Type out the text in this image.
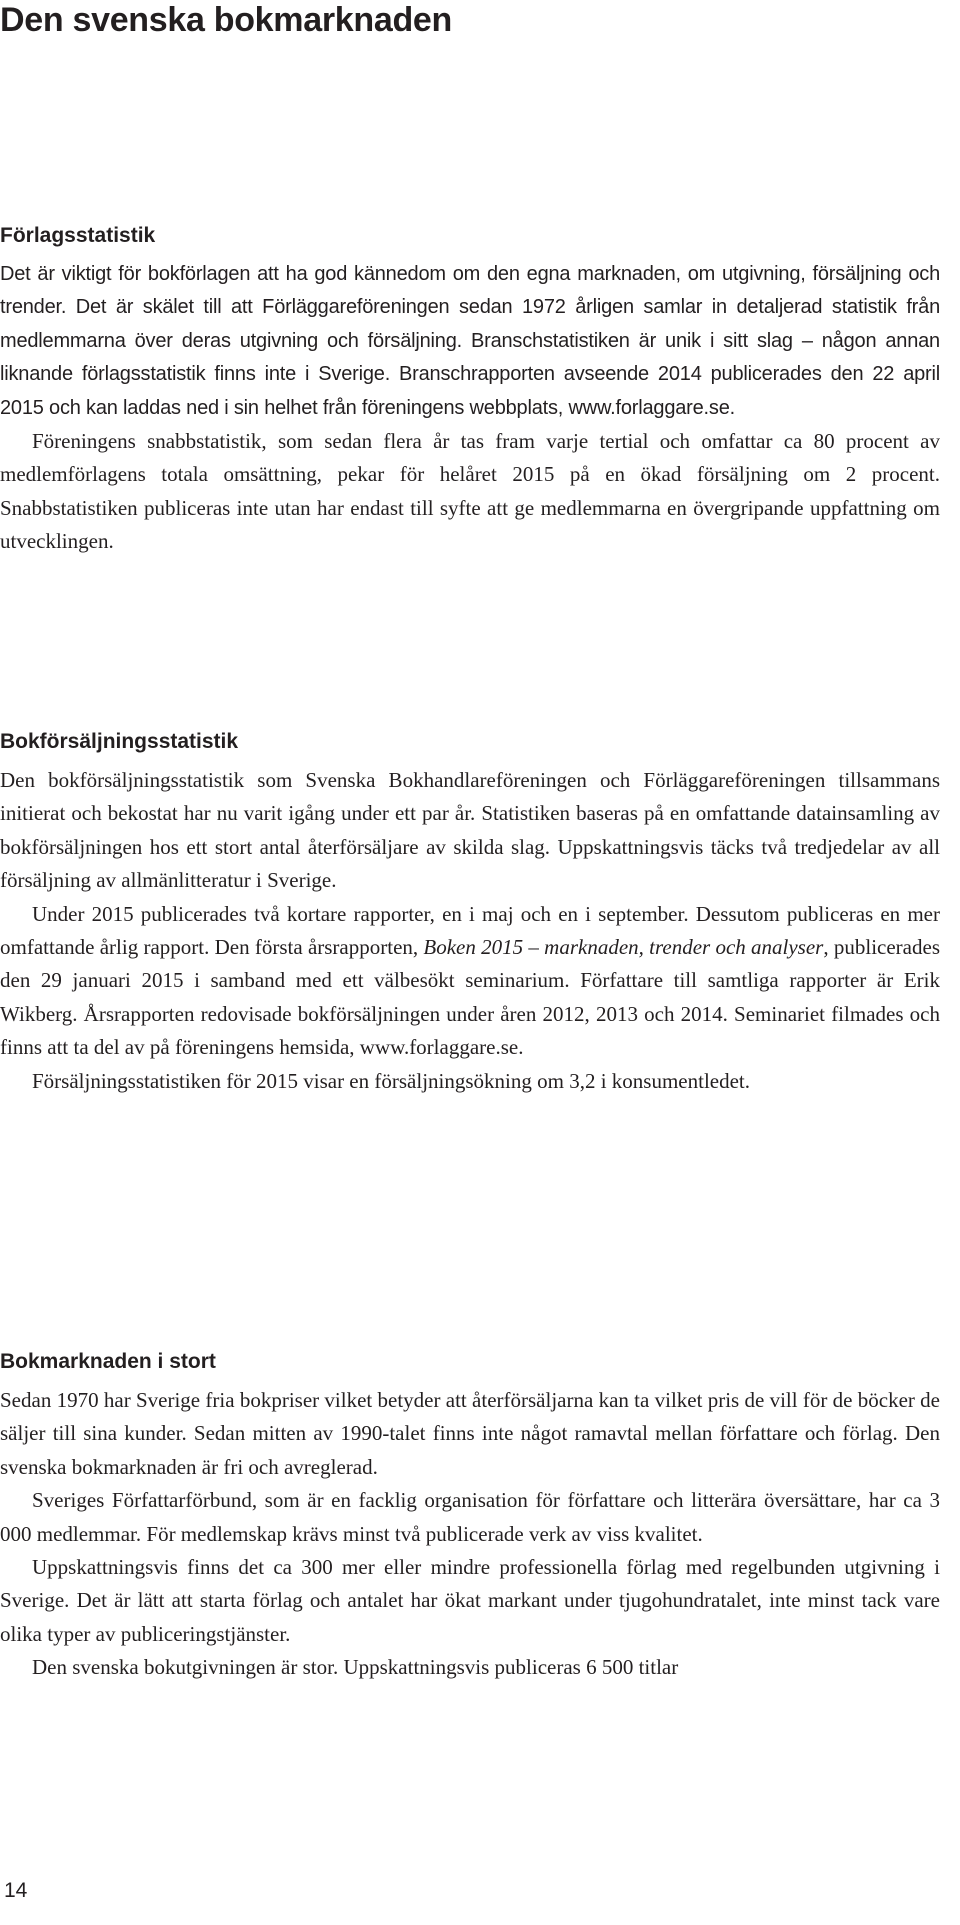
Den svenska bokmarknaden
Förlagsstatistik

Det är viktigt för bokförlagen att ha god kännedom om den egna marknaden, om utgivning, försäljning och trender. Det är skälet till att Förläggareföreningen sedan 1972 årligen samlar in detaljerad statistik från medlemmarna över deras utgivning och försäljning. Branschstatistiken är unik i sitt slag – någon annan liknande förlagsstatistik finns inte i Sverige. Branschrapporten avseende 2014 publicerades den 22 april 2015 och kan laddas ned i sin helhet från föreningens webbplats, www.forlaggare.se.

Föreningens snabbstatistik, som sedan flera år tas fram varje tertial och omfattar ca 80 procent av medlemförlagens totala omsättning, pekar för helåret 2015 på en ökad försäljning om 2 procent. Snabbstatistiken publiceras inte utan har endast till syfte att ge medlemmarna en övergripande uppfattning om utvecklingen.

Bokförsäljningsstatistik

Den bokförsäljningsstatistik som Svenska Bokhandlareföreningen och Förläggareföreningen tillsammans initierat och bekostat har nu varit igång under ett par år. Statistiken baseras på en omfattande datainsamling av bokförsäljningen hos ett stort antal återförsäljare av skilda slag. Uppskattningsvis täcks två tredjedelar av all försäljning av allmänlitteratur i Sverige.

Under 2015 publicerades två kortare rapporter, en i maj och en i september. Dessutom publiceras en mer omfattande årlig rapport. Den första årsrapporten, Boken 2015 – marknaden, trender och analyser, publicerades den 29 januari 2015 i samband med ett välbesökt seminarium. Författare till samtliga rapporter är Erik Wikberg. Årsrapporten redovisade bokförsäljningen under åren 2012, 2013 och 2014. Seminariet filmades och finns att ta del av på föreningens hemsida, www.forlaggare.se.

Försäljningsstatistiken för 2015 visar en försäljningsökning om 3,2 i konsumentledet.

Bokmarknaden i stort

Sedan 1970 har Sverige fria bokpriser vilket betyder att återförsäljarna kan ta vilket pris de vill för de böcker de säljer till sina kunder. Sedan mitten av 1990-talet finns inte något ramavtal mellan författare och förlag. Den svenska bokmarknaden är fri och avreglerad.

Sveriges Författarförbund, som är en facklig organisation för författare och litterära översättare, har ca 3 000 medlemmar. För medlemskap krävs minst två publicerade verk av viss kvalitet.

Uppskattningsvis finns det ca 300 mer eller mindre professionella förlag med regelbunden utgivning i Sverige. Det är lätt att starta förlag och antalet har ökat markant under tjugohundratalet, inte minst tack vare olika typer av publiceringstjänster.

Den svenska bokutgivningen är stor. Uppskattningsvis publiceras 6 500 titlar

14
